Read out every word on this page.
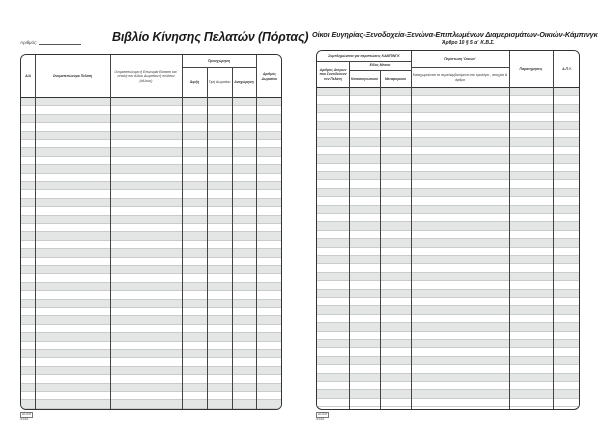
Αριθμός:	Βιβλίο Κίνησης Πελατών (Πόρτας)
Α/Α	Ονοματεπώνυμο Πελάτη
Ονοματεπώνυμο ή Επωνυμία Εκτακτο και΄ εντολή του άλλου Δωματίου ή πελάτου (άλλους)
Προσχώρηση
Άφιξη	Τιμή Δωματίου	Αναχώρηση
Αριθμός Δωματίου
ΔΟΣΜ
4/15Α
Οίκοι Ευγηρίας-Ξενοδοχεία-Ξενώνα-Επιπλωμένων Διαμερισμάτων-Οικιών-Κάμπινγκ
Άρθρο 10 § 5 α΄ Κ.Β.Σ.
Συμπληρώνεται για περιπτώσεις ΚΑΜΠΙΝΓΚ
Αριθμός Ατόμων που Συνοδεύουν τον Πελάτη
Είδος Μέσου
Κατασκηνωτικού	Μεταφορικού
Περίπτωση 'Οικιών'
Καταχωρούνται τα περιελαμβανόμενα στο τιμολόγιο , στοιχεία & άρθρα
Παρατηρήσεις	Α.Π.Υ.
ΔΟΣΜ
4/15Α
